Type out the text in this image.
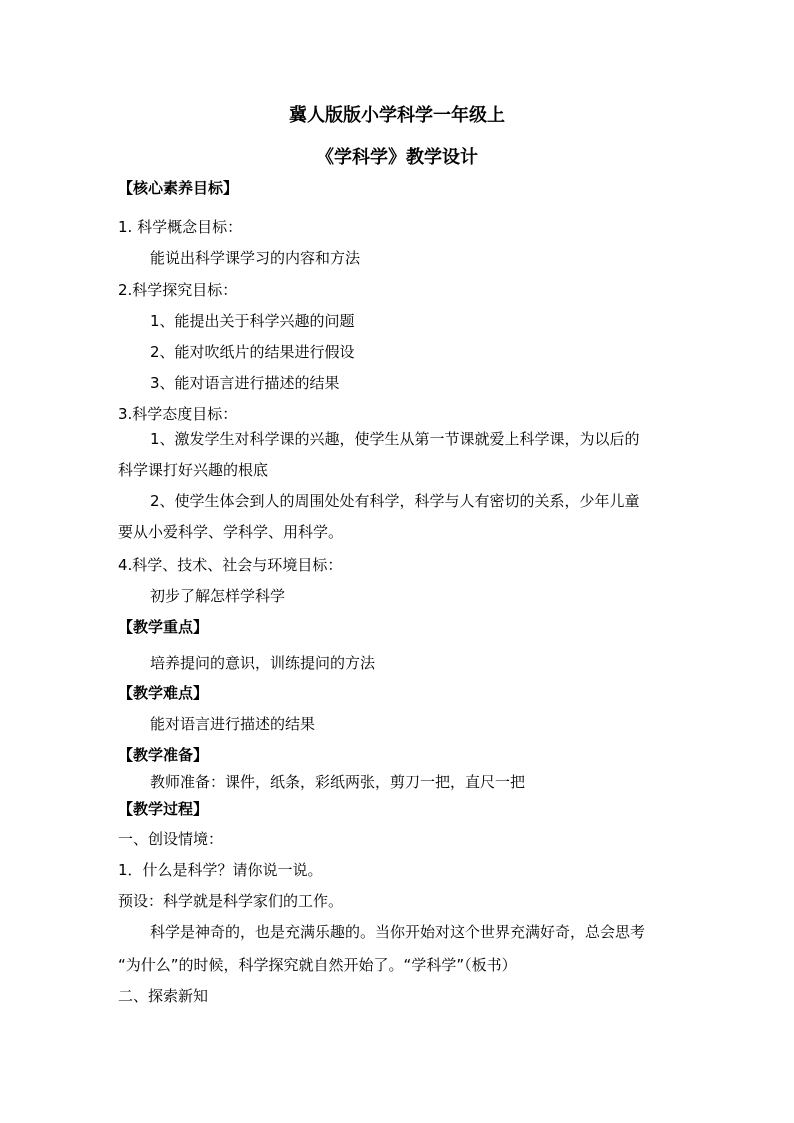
冀人版版小学科学一年级上
《学科学》教学设计
【核心素养目标】
1. 科学概念目标：
能说出科学课学习的内容和方法
2.科学探究目标：
1、能提出关于科学兴趣的问题
2、能对吹纸片的结果进行假设
3、能对语言进行描述的结果
3.科学态度目标：
1、激发学生对科学课的兴趣，使学生从第一节课就爱上科学课，为以后的
科学课打好兴趣的根底
2、使学生体会到人的周围处处有科学，科学与人有密切的关系，少年儿童
要从小爱科学、学科学、用科学。
4.科学、技术、社会与环境目标：
初步了解怎样学科学
【教学重点】
培养提问的意识，训练提问的方法
【教学难点】
能对语言进行描述的结果
【教学准备】
教师准备：课件，纸条，彩纸两张，剪刀一把，直尺一把
【教学过程】
一、创设情境：
1．什么是科学？请你说一说。
预设：科学就是科学家们的工作。
科学是神奇的，也是充满乐趣的。当你开始对这个世界充满好奇，总会思考
“为什么”的时候，科学探究就自然开始了。“学科学”（板书）
二、探索新知
